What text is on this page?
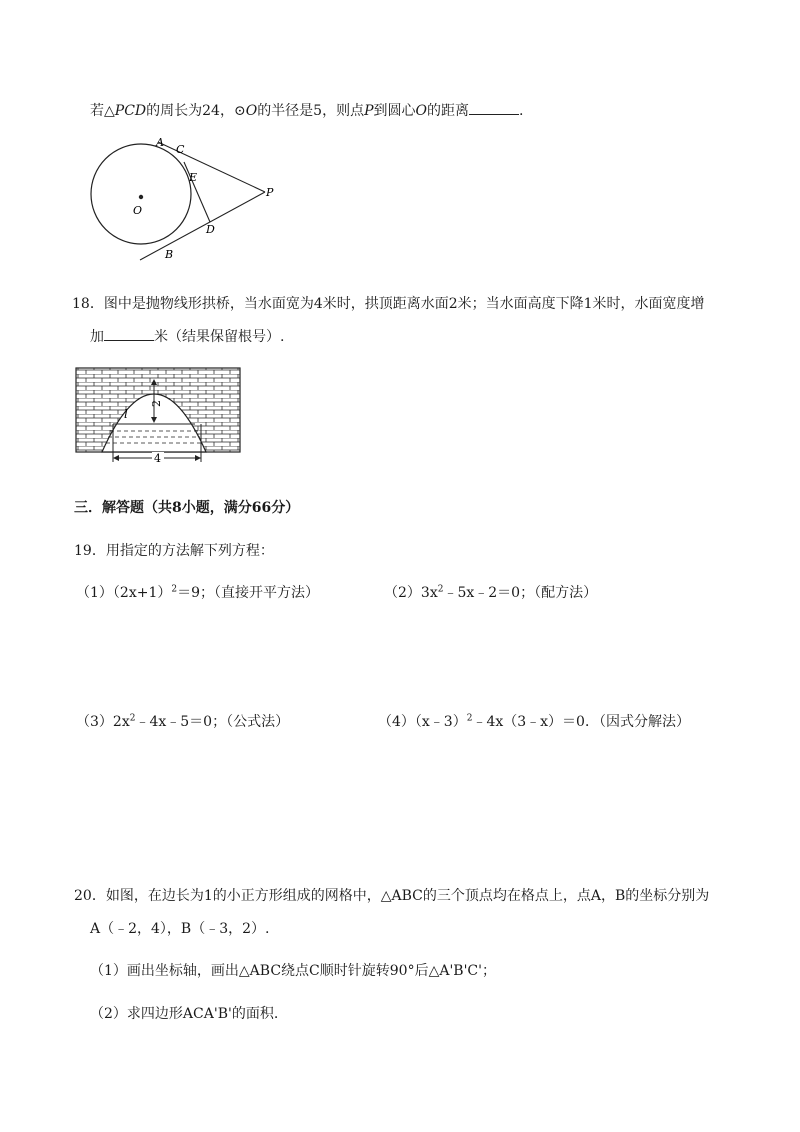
若△PCD的周长为24，⊙O的半径是5，则点P到圆心O的距离	.
A
C
E
P
O
D
B
18．图中是抛物线形拱桥，当水面宽为4米时，拱顶距离水面2米；当水面高度下降1米时，水面宽度增
加	米（结果保留根号）.
2
l
4
三．解答题（共8小题，满分66分）
19．用指定的方法解下列方程：
$(1)(2x+1)^2=9$；（直接开平方法）	$(2)3x^2﹣5x﹣2=0$；（配方法）
$(3)2x^2﹣4x﹣5=0$；（公式法）	（4）（x﹣3）$^2$﹣4x（3﹣x）＝0．（因式分解法）
20．如图，在边长为1的小正方形组成的网格中，△ABC的三个顶点均在格点上，点A，B的坐标分别为
A（﹣2，4），B（﹣3，2）.
（1）画出坐标轴，画出△ABC绕点C顺时针旋转90°后△A'B'C'；
（2）求四边形ACA'B'的面积.
